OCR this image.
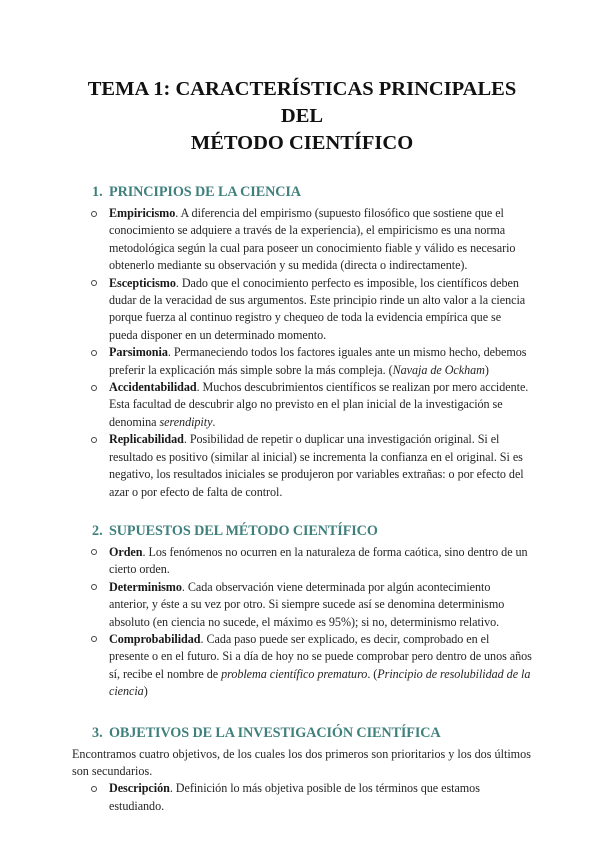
TEMA 1: CARACTERÍSTICAS PRINCIPALES DEL
MÉTODO CIENTÍFICO
1. PRINCIPIOS DE LA CIENCIA
Empiricismo. A diferencia del empirismo (supuesto filosófico que sostiene que el conocimiento se adquiere a través de la experiencia), el empiricismo es una norma metodológica según la cual para poseer un conocimiento fiable y válido es necesario obtenerlo mediante su observación y su medida (directa o indirectamente).
Escepticismo. Dado que el conocimiento perfecto es imposible, los científicos deben dudar de la veracidad de sus argumentos. Este principio rinde un alto valor a la ciencia porque fuerza al continuo registro y chequeo de toda la evidencia empírica que se pueda disponer en un determinado momento.
Parsimonia. Permaneciendo todos los factores iguales ante un mismo hecho, debemos preferir la explicación más simple sobre la más compleja. (Navaja de Ockham)
Accidentabilidad. Muchos descubrimientos científicos se realizan por mero accidente. Esta facultad de descubrir algo no previsto en el plan inicial de la investigación se denomina serendipity.
Replicabilidad. Posibilidad de repetir o duplicar una investigación original. Si el resultado es positivo (similar al inicial) se incrementa la confianza en el original. Si es negativo, los resultados iniciales se produjeron por variables extrañas: o por efecto del azar o por efecto de falta de control.
2. SUPUESTOS DEL MÉTODO CIENTÍFICO
Orden. Los fenómenos no ocurren en la naturaleza de forma caótica, sino dentro de un cierto orden.
Determinismo. Cada observación viene determinada por algún acontecimiento anterior, y éste a su vez por otro. Si siempre sucede así se denomina determinismo absoluto (en ciencia no sucede, el máximo es 95%); si no, determinismo relativo.
Comprobabilidad. Cada paso puede ser explicado, es decir, comprobado en el presente o en el futuro. Si a día de hoy no se puede comprobar pero dentro de unos años sí, recibe el nombre de problema científico prematuro. (Principio de resolubilidad de la ciencia)
3. OBJETIVOS DE LA INVESTIGACIÓN CIENTÍFICA

Encontramos cuatro objetivos, de los cuales los dos primeros son prioritarios y los dos últimos son secundarios.

Descripción. Definición lo más objetiva posible de los términos que estamos estudiando.
